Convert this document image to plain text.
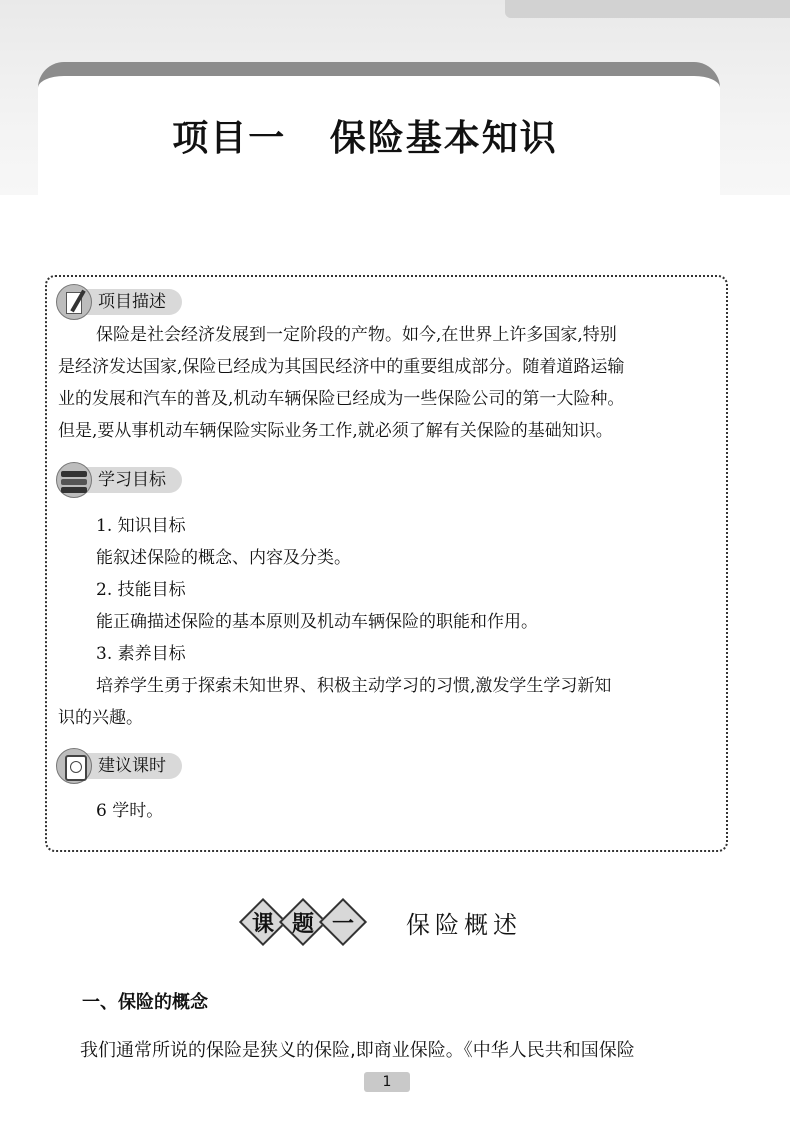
项目一   保险基本知识
项目描述
保险是社会经济发展到一定阶段的产物。如今,在世界上许多国家,特别
是经济发达国家,保险已经成为其国民经济中的重要组成部分。随着道路运输
业的发展和汽车的普及,机动车辆保险已经成为一些保险公司的第一大险种。
但是,要从事机动车辆保险实际业务工作,就必须了解有关保险的基础知识。
学习目标
1. 知识目标
能叙述保险的概念、内容及分类。
2. 技能目标
能正确描述保险的基本原则及机动车辆保险的职能和作用。
3. 素养目标
培养学生勇于探索未知世界、积极主动学习的习惯,激发学生学习新知
识的兴趣。
建议课时
6 学时。
课 题 一 保险概述
一、保险的概念
我们通常所说的保险是狭义的保险,即商业保险。《中华人民共和国保险
1
